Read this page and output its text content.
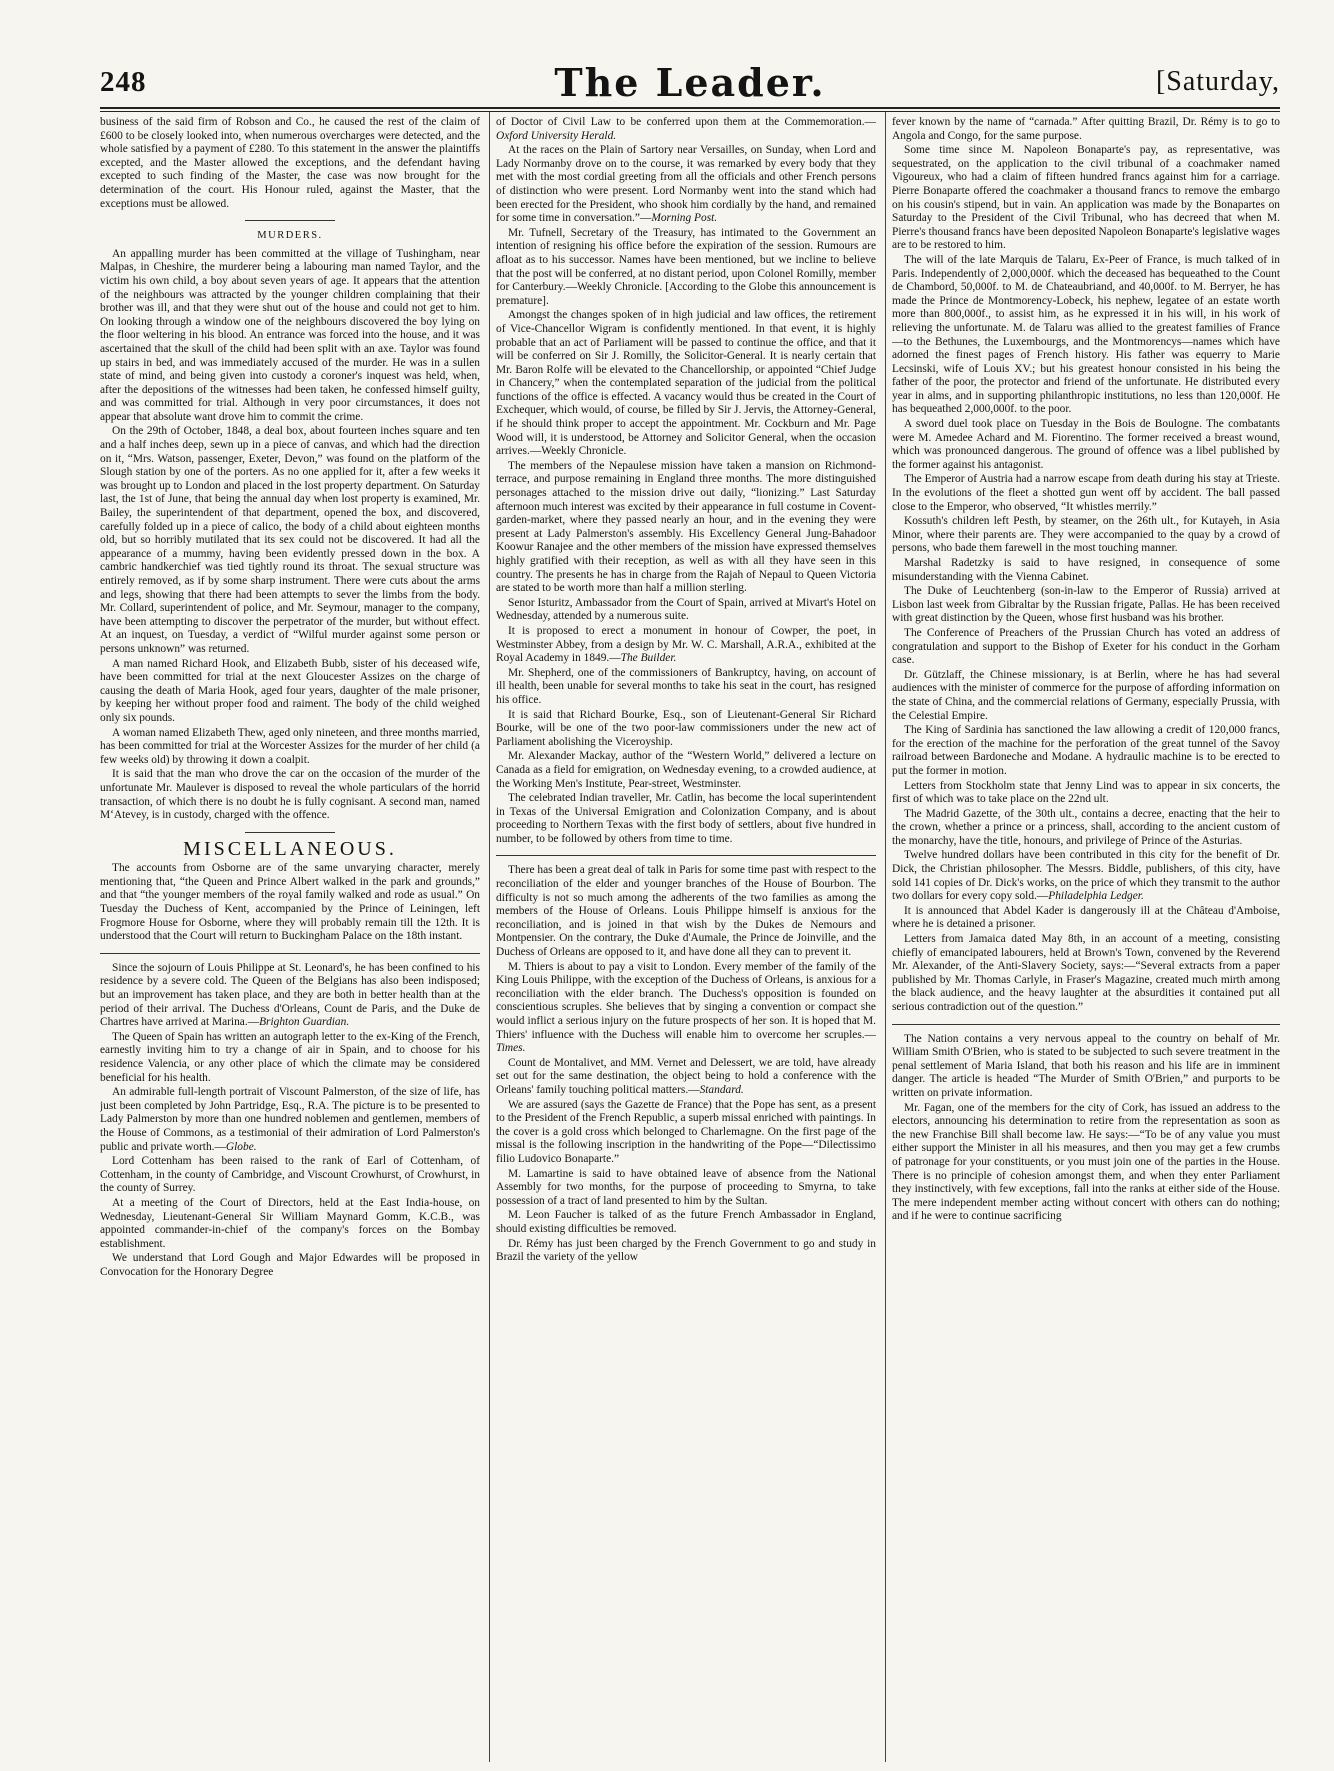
248	The Leader.	[Saturday,

business of the said firm of Robson and Co., he caused the rest of the claim of £600 to be closely looked into, when numerous overcharges were detected, and the whole satisfied by a payment of £280. To this statement in the answer the plaintiffs excepted, and the Master allowed the exceptions, and the defendant having excepted to such finding of the Master, the case was now brought for the determination of the court. His Honour ruled, against the Master, that the exceptions must be allowed.

MURDERS.

An appalling murder has been committed at the village of Tushingham, near Malpas, in Cheshire, the murderer being a labouring man named Taylor, and the victim his own child, a boy about seven years of age. It appears that the attention of the neighbours was attracted by the younger children complaining that their brother was ill, and that they were shut out of the house and could not get to him. On looking through a window one of the neighbours discovered the boy lying on the floor weltering in his blood. An entrance was forced into the house, and it was ascertained that the skull of the child had been split with an axe. Taylor was found up stairs in bed, and was immediately accused of the murder. He was in a sullen state of mind, and being given into custody a coroner's inquest was held, when, after the depositions of the witnesses had been taken, he confessed himself guilty, and was committed for trial. Although in very poor circumstances, it does not appear that absolute want drove him to commit the crime.

On the 29th of October, 1848, a deal box, about fourteen inches square and ten and a half inches deep, sewn up in a piece of canvas, and which had the direction on it, “Mrs. Watson, passenger, Exeter, Devon,” was found on the platform of the Slough station by one of the porters. As no one applied for it, after a few weeks it was brought up to London and placed in the lost property department. On Saturday last, the 1st of June, that being the annual day when lost property is examined, Mr. Bailey, the superintendent of that department, opened the box, and discovered, carefully folded up in a piece of calico, the body of a child about eighteen months old, but so horribly mutilated that its sex could not be discovered. It had all the appearance of a mummy, having been evidently pressed down in the box. A cambric handkerchief was tied tightly round its throat. The sexual structure was entirely removed, as if by some sharp instrument. There were cuts about the arms and legs, showing that there had been attempts to sever the limbs from the body. Mr. Collard, superintendent of police, and Mr. Seymour, manager to the company, have been attempting to discover the perpetrator of the murder, but without effect. At an inquest, on Tuesday, a verdict of “Wilful murder against some person or persons unknown” was returned.

A man named Richard Hook, and Elizabeth Bubb, sister of his deceased wife, have been committed for trial at the next Gloucester Assizes on the charge of causing the death of Maria Hook, aged four years, daughter of the male prisoner, by keeping her without proper food and raiment. The body of the child weighed only six pounds.

A woman named Elizabeth Thew, aged only nineteen, and three months married, has been committed for trial at the Worcester Assizes for the murder of her child (a few weeks old) by throwing it down a coalpit.

It is said that the man who drove the car on the occasion of the murder of the unfortunate Mr. Maulever is disposed to reveal the whole particulars of the horrid transaction, of which there is no doubt he is fully cognisant. A second man, named M‘Atevey, is in custody, charged with the offence.

MISCELLANEOUS.

The accounts from Osborne are of the same unvarying character, merely mentioning that, “the Queen and Prince Albert walked in the park and grounds,” and that “the younger members of the royal family walked and rode as usual.” On Tuesday the Duchess of Kent, accompanied by the Prince of Leiningen, left Frogmore House for Osborne, where they will probably remain till the 12th. It is understood that the Court will return to Buckingham Palace on the 18th instant.

Since the sojourn of Louis Philippe at St. Leonard's, he has been confined to his residence by a severe cold. The Queen of the Belgians has also been indisposed; but an improvement has taken place, and they are both in better health than at the period of their arrival. The Duchess d'Orleans, Count de Paris, and the Duke de Chartres have arrived at Marina.—Brighton Guardian.

The Queen of Spain has written an autograph letter to the ex-King of the French, earnestly inviting him to try a change of air in Spain, and to choose for his residence Valencia, or any other place of which the climate may be considered beneficial for his health.

An admirable full-length portrait of Viscount Palmerston, of the size of life, has just been completed by John Partridge, Esq., R.A. The picture is to be presented to Lady Palmerston by more than one hundred noblemen and gentlemen, members of the House of Commons, as a testimonial of their admiration of Lord Palmerston's public and private worth.—Globe.

Lord Cottenham has been raised to the rank of Earl of Cottenham, of Cottenham, in the county of Cambridge, and Viscount Crowhurst, of Crowhurst, in the county of Surrey.

At a meeting of the Court of Directors, held at the East India-house, on Wednesday, Lieutenant-General Sir William Maynard Gomm, K.C.B., was appointed commander-in-chief of the company's forces on the Bombay establishment.

We understand that Lord Gough and Major Edwardes will be proposed in Convocation for the Honorary Degree

of Doctor of Civil Law to be conferred upon them at the Commemoration.—Oxford University Herald.

At the races on the Plain of Sartory near Versailles, on Sunday, when Lord and Lady Normanby drove on to the course, it was remarked by every body that they met with the most cordial greeting from all the officials and other French persons of distinction who were present. Lord Normanby went into the stand which had been erected for the President, who shook him cordially by the hand, and remained for some time in conversation.”—Morning Post.

Mr. Tufnell, Secretary of the Treasury, has intimated to the Government an intention of resigning his office before the expiration of the session. Rumours are afloat as to his successor. Names have been mentioned, but we incline to believe that the post will be conferred, at no distant period, upon Colonel Romilly, member for Canterbury.—Weekly Chronicle. [According to the Globe this announcement is premature].

Amongst the changes spoken of in high judicial and law offices, the retirement of Vice-Chancellor Wigram is confidently mentioned. In that event, it is highly probable that an act of Parliament will be passed to continue the office, and that it will be conferred on Sir J. Romilly, the Solicitor-General. It is nearly certain that Mr. Baron Rolfe will be elevated to the Chancellorship, or appointed “Chief Judge in Chancery,” when the contemplated separation of the judicial from the political functions of the office is effected. A vacancy would thus be created in the Court of Exchequer, which would, of course, be filled by Sir J. Jervis, the Attorney-General, if he should think proper to accept the appointment. Mr. Cockburn and Mr. Page Wood will, it is understood, be Attorney and Solicitor General, when the occasion arrives.—Weekly Chronicle.

The members of the Nepaulese mission have taken a mansion on Richmond-terrace, and purpose remaining in England three months. The more distinguished personages attached to the mission drive out daily, “lionizing.” Last Saturday afternoon much interest was excited by their appearance in full costume in Covent-garden-market, where they passed nearly an hour, and in the evening they were present at Lady Palmerston's assembly. His Excellency General Jung-Bahadoor Koowur Ranajee and the other members of the mission have expressed themselves highly gratified with their reception, as well as with all they have seen in this country. The presents he has in charge from the Rajah of Nepaul to Queen Victoria are stated to be worth more than half a million sterling.

Senor Isturitz, Ambassador from the Court of Spain, arrived at Mivart's Hotel on Wednesday, attended by a numerous suite.

It is proposed to erect a monument in honour of Cowper, the poet, in Westminster Abbey, from a design by Mr. W. C. Marshall, A.R.A., exhibited at the Royal Academy in 1849.—The Builder.

Mr. Shepherd, one of the commissioners of Bankruptcy, having, on account of ill health, been unable for several months to take his seat in the court, has resigned his office.

It is said that Richard Bourke, Esq., son of Lieutenant-General Sir Richard Bourke, will be one of the two poor-law commissioners under the new act of Parliament abolishing the Viceroyship.

Mr. Alexander Mackay, author of the “Western World,” delivered a lecture on Canada as a field for emigration, on Wednesday evening, to a crowded audience, at the Working Men's Institute, Pear-street, Westminster.

The celebrated Indian traveller, Mr. Catlin, has become the local superintendent in Texas of the Universal Emigration and Colonization Company, and is about proceeding to Northern Texas with the first body of settlers, about five hundred in number, to be followed by others from time to time.

There has been a great deal of talk in Paris for some time past with respect to the reconciliation of the elder and younger branches of the House of Bourbon. The difficulty is not so much among the adherents of the two families as among the members of the House of Orleans. Louis Philippe himself is anxious for the reconciliation, and is joined in that wish by the Dukes de Nemours and Montpensier. On the contrary, the Duke d'Aumale, the Prince de Joinville, and the Duchess of Orleans are opposed to it, and have done all they can to prevent it.

M. Thiers is about to pay a visit to London. Every member of the family of the King Louis Philippe, with the exception of the Duchess of Orleans, is anxious for a reconciliation with the elder branch. The Duchess's opposition is founded on conscientious scruples. She believes that by singing a convention or compact she would inflict a serious injury on the future prospects of her son. It is hoped that M. Thiers' influence with the Duchess will enable him to overcome her scruples.—Times.

Count de Montalivet, and MM. Vernet and Delessert, we are told, have already set out for the same destination, the object being to hold a conference with the Orleans' family touching political matters.—Standard.

We are assured (says the Gazette de France) that the Pope has sent, as a present to the President of the French Republic, a superb missal enriched with paintings. In the cover is a gold cross which belonged to Charlemagne. On the first page of the missal is the following inscription in the handwriting of the Pope—“Dilectissimo filio Ludovico Bonaparte.”

M. Lamartine is said to have obtained leave of absence from the National Assembly for two months, for the purpose of proceeding to Smyrna, to take possession of a tract of land presented to him by the Sultan.

M. Leon Faucher is talked of as the future French Ambassador in England, should existing difficulties be removed.

Dr. Rémy has just been charged by the French Government to go and study in Brazil the variety of the yellow

fever known by the name of “carnada.” After quitting Brazil, Dr. Rémy is to go to Angola and Congo, for the same purpose.

Some time since M. Napoleon Bonaparte's pay, as representative, was sequestrated, on the application to the civil tribunal of a coachmaker named Vigoureux, who had a claim of fifteen hundred francs against him for a carriage. Pierre Bonaparte offered the coachmaker a thousand francs to remove the embargo on his cousin's stipend, but in vain. An application was made by the Bonapartes on Saturday to the President of the Civil Tribunal, who has decreed that when M. Pierre's thousand francs have been deposited Napoleon Bonaparte's legislative wages are to be restored to him.

The will of the late Marquis de Talaru, Ex-Peer of France, is much talked of in Paris. Independently of 2,000,000f. which the deceased has bequeathed to the Count de Chambord, 50,000f. to M. de Chateaubriand, and 40,000f. to M. Berryer, he has made the Prince de Montmorency-Lobeck, his nephew, legatee of an estate worth more than 800,000f., to assist him, as he expressed it in his will, in his work of relieving the unfortunate. M. de Talaru was allied to the greatest families of France—to the Bethunes, the Luxembourgs, and the Montmorencys—names which have adorned the finest pages of French history. His father was equerry to Marie Lecsinski, wife of Louis XV.; but his greatest honour consisted in his being the father of the poor, the protector and friend of the unfortunate. He distributed every year in alms, and in supporting philanthropic institutions, no less than 120,000f. He has bequeathed 2,000,000f. to the poor.

A sword duel took place on Tuesday in the Bois de Boulogne. The combatants were M. Amedee Achard and M. Fiorentino. The former received a breast wound, which was pronounced dangerous. The ground of offence was a libel published by the former against his antagonist.

The Emperor of Austria had a narrow escape from death during his stay at Trieste. In the evolutions of the fleet a shotted gun went off by accident. The ball passed close to the Emperor, who observed, “It whistles merrily.”

Kossuth's children left Pesth, by steamer, on the 26th ult., for Kutayeh, in Asia Minor, where their parents are. They were accompanied to the quay by a crowd of persons, who bade them farewell in the most touching manner.

Marshal Radetzky is said to have resigned, in consequence of some misunderstanding with the Vienna Cabinet.

The Duke of Leuchtenberg (son-in-law to the Emperor of Russia) arrived at Lisbon last week from Gibraltar by the Russian frigate, Pallas. He has been received with great distinction by the Queen, whose first husband was his brother.

The Conference of Preachers of the Prussian Church has voted an address of congratulation and support to the Bishop of Exeter for his conduct in the Gorham case.

Dr. Gützlaff, the Chinese missionary, is at Berlin, where he has had several audiences with the minister of commerce for the purpose of affording information on the state of China, and the commercial relations of Germany, especially Prussia, with the Celestial Empire.

The King of Sardinia has sanctioned the law allowing a credit of 120,000 francs, for the erection of the machine for the perforation of the great tunnel of the Savoy railroad between Bardoneche and Modane. A hydraulic machine is to be erected to put the former in motion.

Letters from Stockholm state that Jenny Lind was to appear in six concerts, the first of which was to take place on the 22nd ult.

The Madrid Gazette, of the 30th ult., contains a decree, enacting that the heir to the crown, whether a prince or a princess, shall, according to the ancient custom of the monarchy, have the title, honours, and privilege of Prince of the Asturias.

Twelve hundred dollars have been contributed in this city for the benefit of Dr. Dick, the Christian philosopher. The Messrs. Biddle, publishers, of this city, have sold 141 copies of Dr. Dick's works, on the price of which they transmit to the author two dollars for every copy sold.—Philadelphia Ledger.

It is announced that Abdel Kader is dangerously ill at the Château d'Amboise, where he is detained a prisoner.

Letters from Jamaica dated May 8th, in an account of a meeting, consisting chiefly of emancipated labourers, held at Brown's Town, convened by the Reverend Mr. Alexander, of the Anti-Slavery Society, says:—“Several extracts from a paper published by Mr. Thomas Carlyle, in Fraser's Magazine, created much mirth among the black audience, and the heavy laughter at the absurdities it contained put all serious contradiction out of the question.”

The Nation contains a very nervous appeal to the country on behalf of Mr. William Smith O'Brien, who is stated to be subjected to such severe treatment in the penal settlement of Maria Island, that both his reason and his life are in imminent danger. The article is headed “The Murder of Smith O'Brien,” and purports to be written on private information.

Mr. Fagan, one of the members for the city of Cork, has issued an address to the electors, announcing his determination to retire from the representation as soon as the new Franchise Bill shall become law. He says:—“To be of any value you must either support the Minister in all his measures, and then you may get a few crumbs of patronage for your constituents, or you must join one of the parties in the House. There is no principle of cohesion amongst them, and when they enter Parliament they instinctively, with few exceptions, fall into the ranks at either side of the House. The mere independent member acting without concert with others can do nothing; and if he were to continue sacrificing
